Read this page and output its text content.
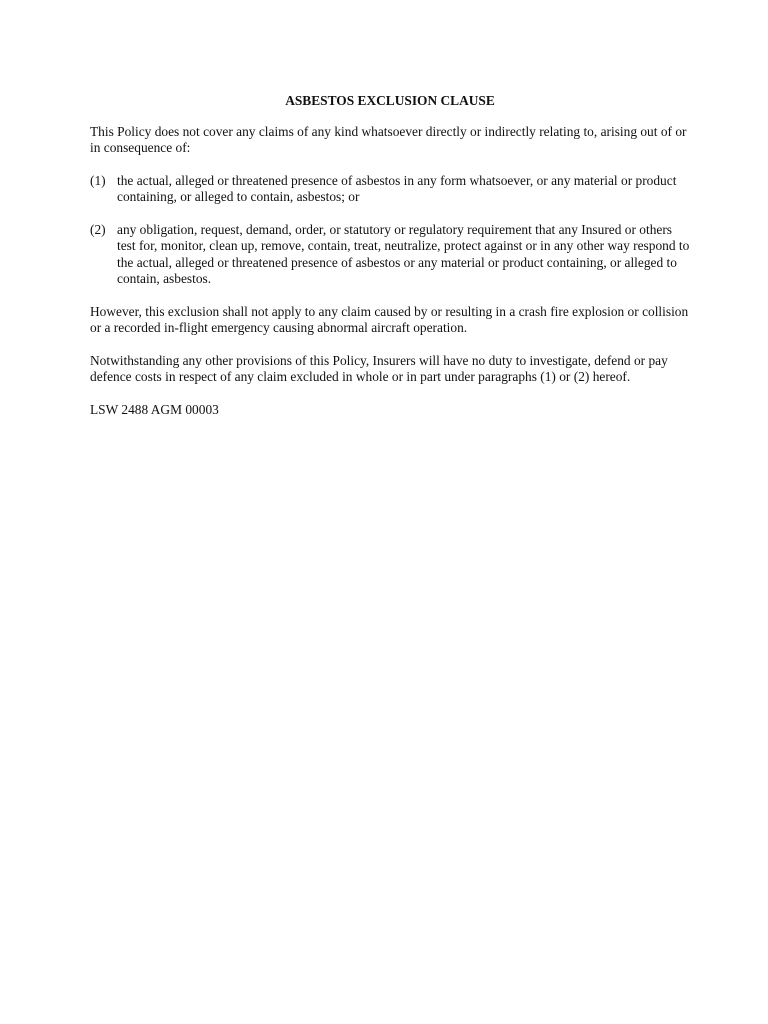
ASBESTOS EXCLUSION CLAUSE
This Policy does not cover any claims of any kind whatsoever directly or indirectly relating to, arising out of or in consequence of:
(1) the actual, alleged or threatened presence of asbestos in any form whatsoever, or any material or product containing, or alleged to contain, asbestos; or
(2) any obligation, request, demand, order, or statutory or regulatory requirement that any Insured or others test for, monitor, clean up, remove, contain, treat, neutralize, protect against or in any other way respond to the actual, alleged or threatened presence of asbestos or any material or product containing, or alleged to contain, asbestos.
However, this exclusion shall not apply to any claim caused by or resulting in a crash fire explosion or collision or a recorded in-flight emergency causing abnormal aircraft operation.
Notwithstanding any other provisions of this Policy, Insurers will have no duty to investigate, defend or pay defence costs in respect of any claim excluded in whole or in part under paragraphs (1) or (2) hereof.
LSW 2488 AGM 00003
